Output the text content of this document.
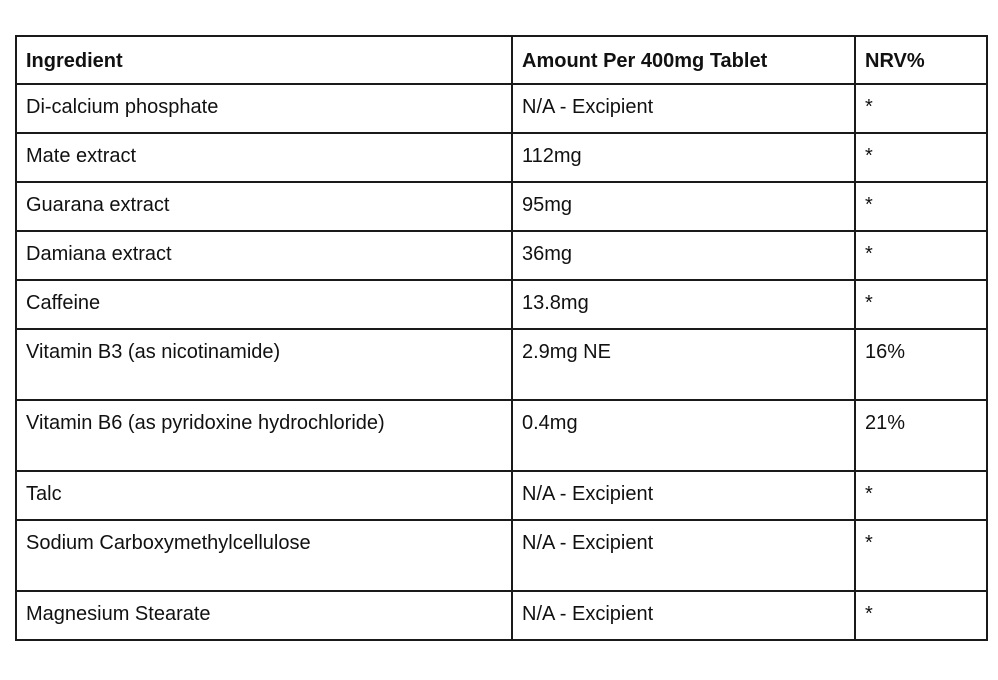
Ingredient	Amount Per 400mg Tablet	NRV%
Di-calcium phosphate	N/A - Excipient	*
Mate extract	112mg	*
Guarana extract	95mg	*
Damiana extract	36mg	*
Caffeine	13.8mg	*
Vitamin B3 (as nicotinamide)	2.9mg NE	16%
Vitamin B6 (as pyridoxine hydrochloride)	0.4mg	21%
Talc	N/A - Excipient	*
Sodium Carboxymethylcellulose	N/A - Excipient	*
Magnesium Stearate	N/A - Excipient	*
